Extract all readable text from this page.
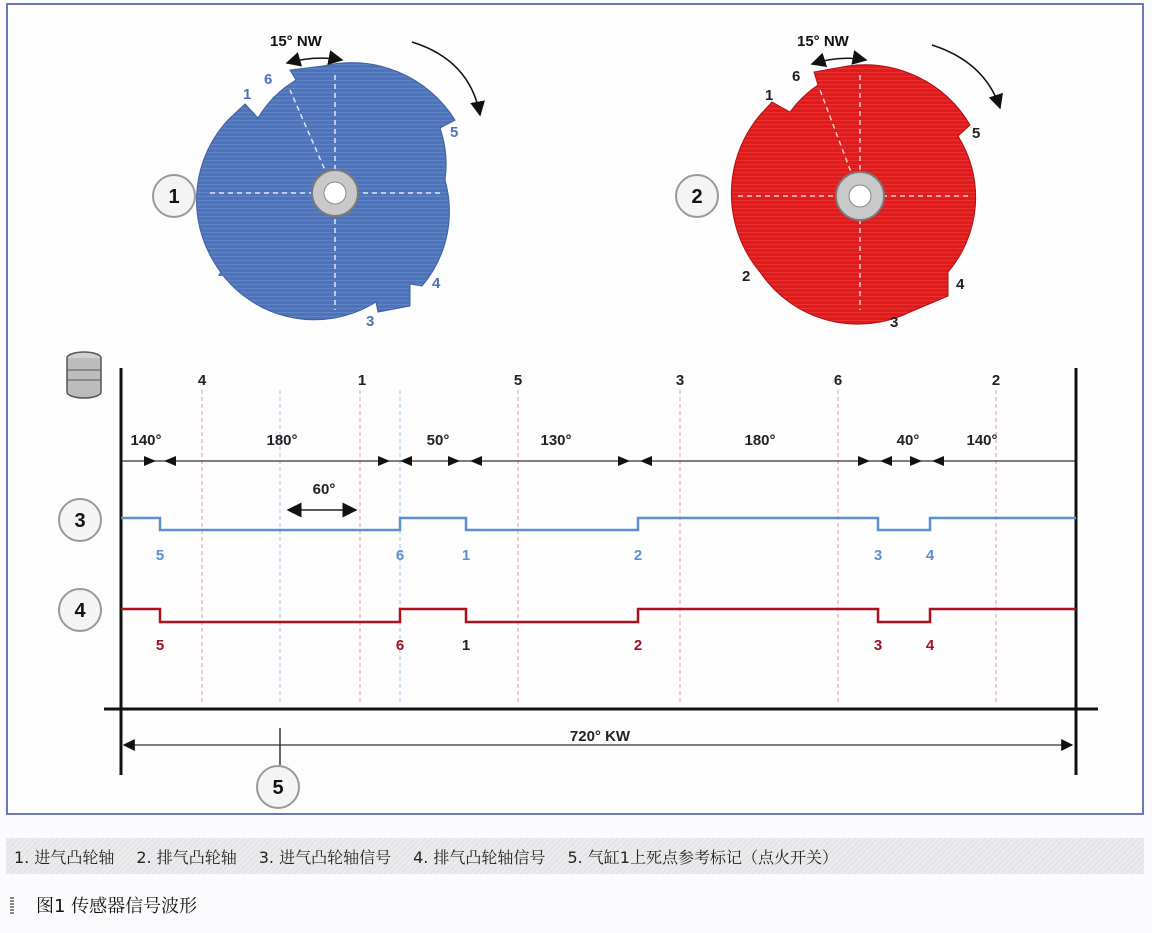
1
6
5
4
3
2
15° NW
1
1
6
5
4
3
2
15° NW
2
4	1	5	3	6	2
140°	180°	50°	130°	180°	40°	140°
60°
5	6	1	2	3	4
3
5	6	1	2	3	4
4
720° KW
5
1. 进气凸轮轴 2. 排气凸轮轴 3. 进气凸轮轴信号 4. 排气凸轮轴信号 5. 气缸1上死点参考标记（点火开关）
图1 传感器信号波形
